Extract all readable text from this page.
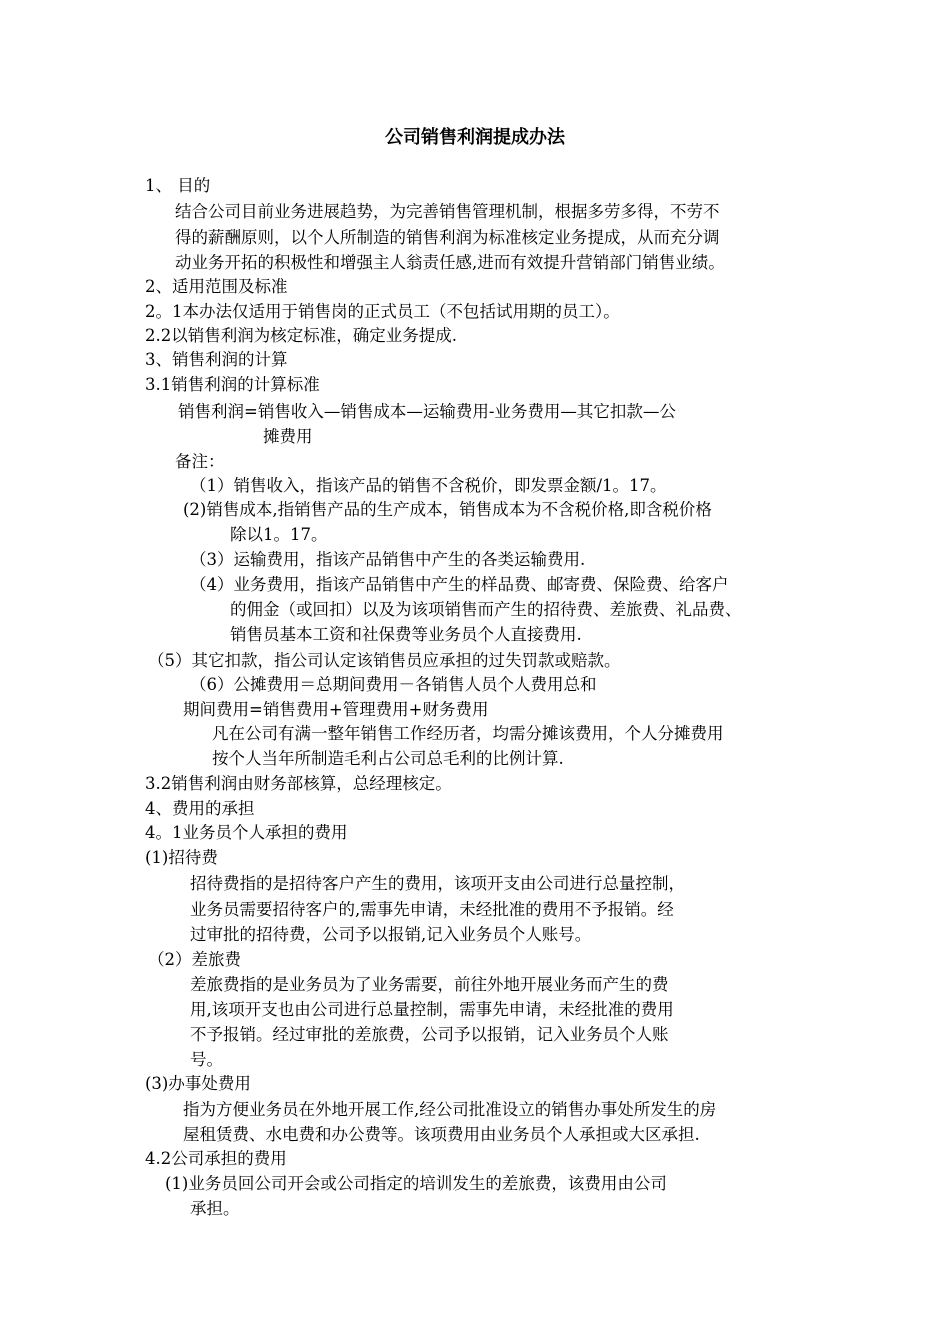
公司销售利润提成办法
1、 目的
结合公司目前业务进展趋势，为完善销售管理机制，根据多劳多得，不劳不
得的薪酬原则，以个人所制造的销售利润为标准核定业务提成，从而充分调
动业务开拓的积极性和增强主人翁责任感,进而有效提升营销部门销售业绩。
2、适用范围及标准
2。1本办法仅适用于销售岗的正式员工（不包括试用期的员工）。
2.2以销售利润为核定标准，确定业务提成.
3、销售利润的计算
3.1销售利润的计算标准
销售利润=销售收入—销售成本—运输费用-业务费用—其它扣款—公
摊费用
备注：
（1）销售收入，指该产品的销售不含税价，即发票金额/1。17。
(2)销售成本,指销售产品的生产成本，销售成本为不含税价格,即含税价格
除以1。17。
（3）运输费用，指该产品销售中产生的各类运输费用.
（4）业务费用，指该产品销售中产生的样品费、邮寄费、保险费、给客户
的佣金（或回扣）以及为该项销售而产生的招待费、差旅费、礼品费、
销售员基本工资和社保费等业务员个人直接费用.
（5）其它扣款，指公司认定该销售员应承担的过失罚款或赔款。
（6）公摊费用＝总期间费用－各销售人员个人费用总和
期间费用=销售费用+管理费用+财务费用
凡在公司有满一整年销售工作经历者，均需分摊该费用，个人分摊费用
按个人当年所制造毛利占公司总毛利的比例计算.
3.2销售利润由财务部核算，总经理核定。
4、费用的承担
4。1业务员个人承担的费用
(1)招待费
招待费指的是招待客户产生的费用，该项开支由公司进行总量控制，
业务员需要招待客户的,需事先申请，未经批准的费用不予报销。经
过审批的招待费，公司予以报销,记入业务员个人账号。
（2）差旅费
差旅费指的是业务员为了业务需要，前往外地开展业务而产生的费
用,该项开支也由公司进行总量控制，需事先申请，未经批准的费用
不予报销。经过审批的差旅费，公司予以报销，记入业务员个人账
号。
(3)办事处费用
指为方便业务员在外地开展工作,经公司批准设立的销售办事处所发生的房
屋租赁费、水电费和办公费等。该项费用由业务员个人承担或大区承担.
4.2公司承担的费用
(1)业务员回公司开会或公司指定的培训发生的差旅费，该费用由公司
承担。
